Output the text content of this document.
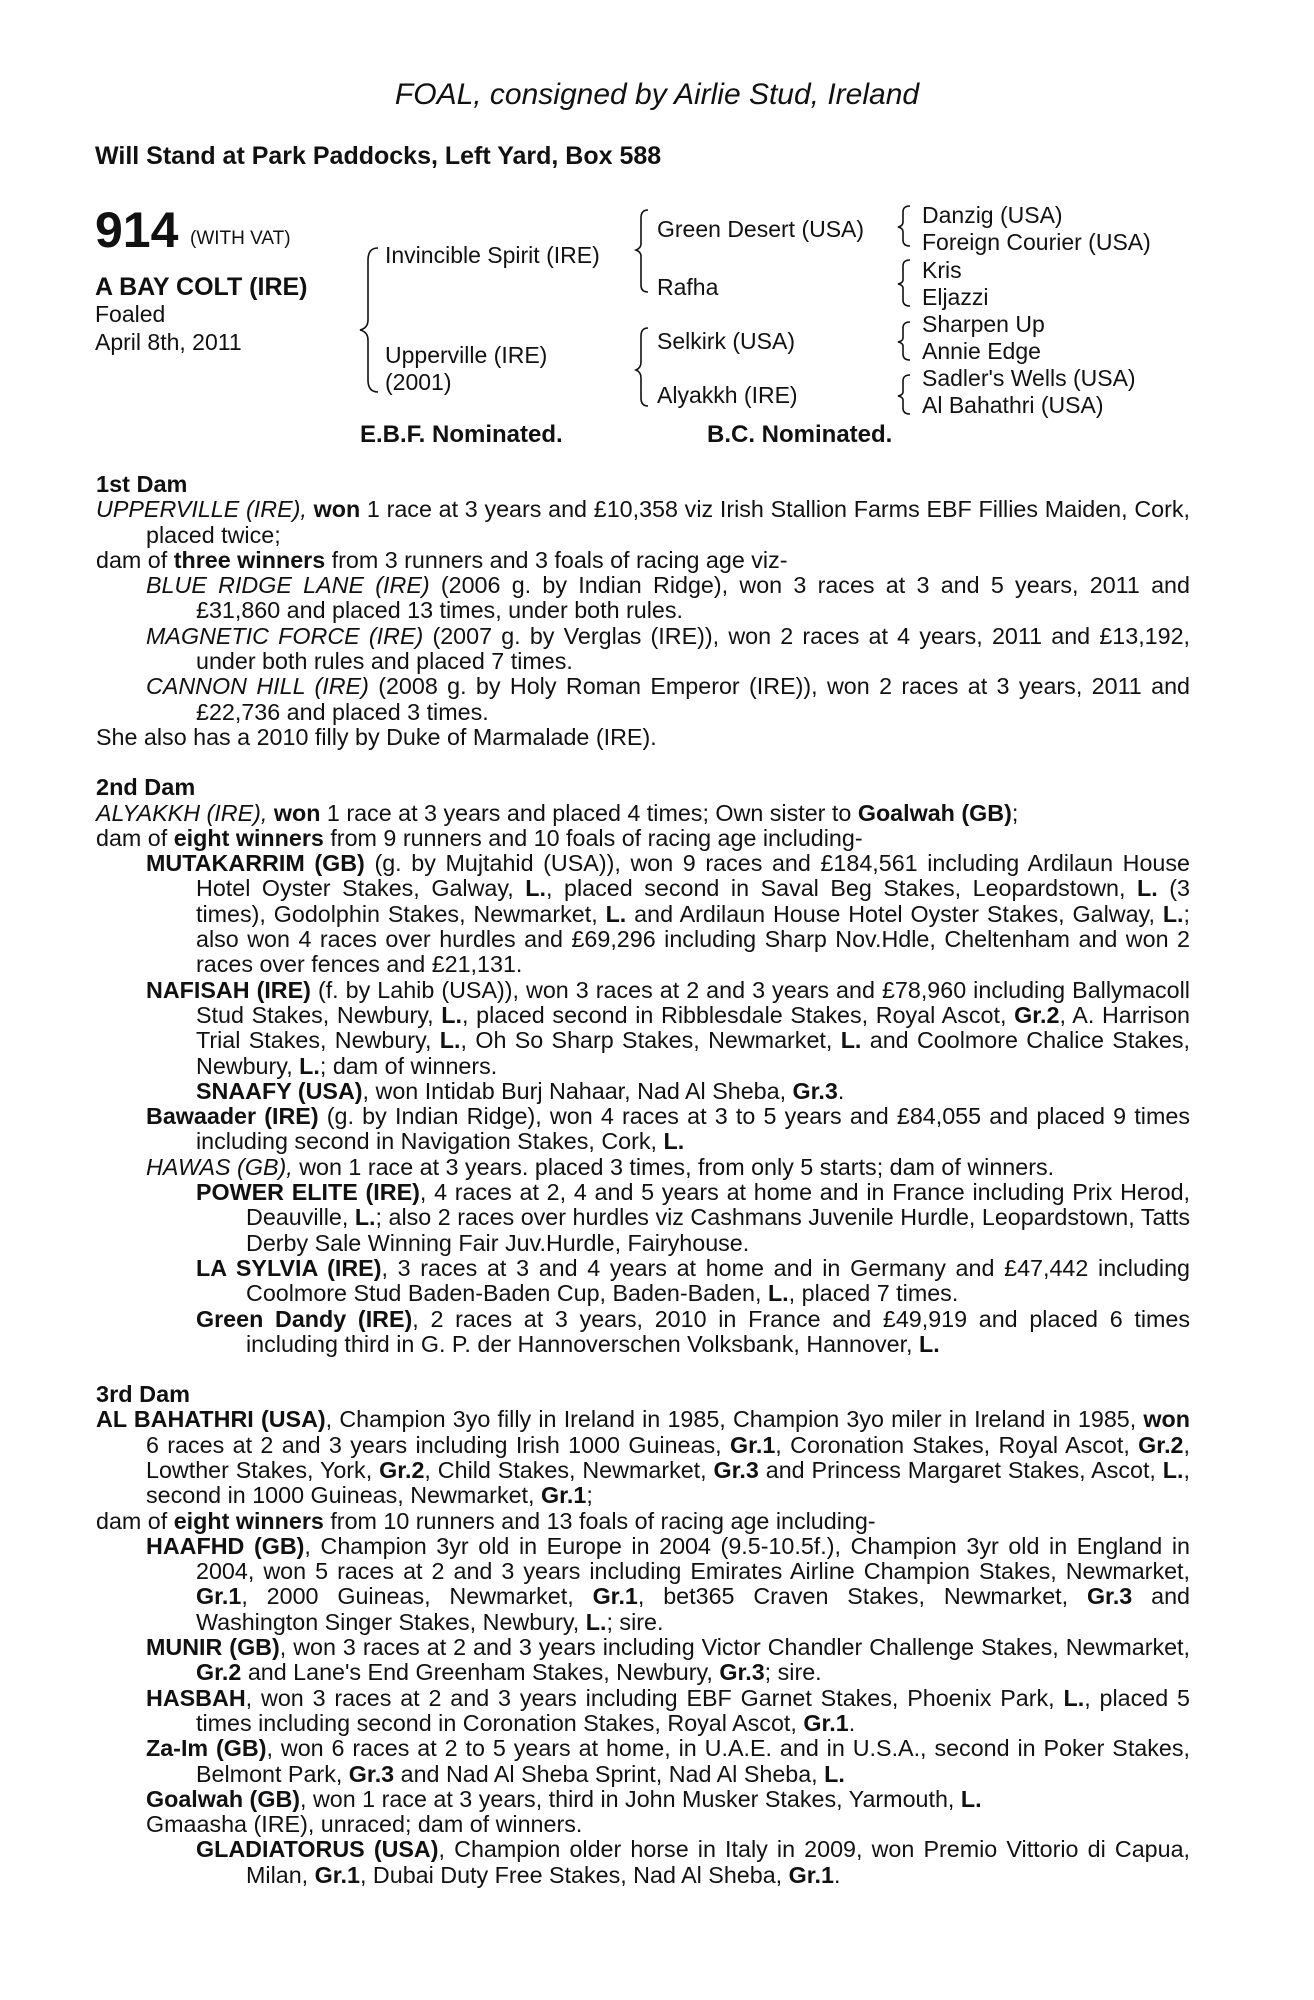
FOAL, consigned by Airlie Stud, Ireland
Will Stand at Park Paddocks, Left Yard, Box 588
914 (WITH VAT)
A BAY COLT (IRE)
Foaled
April 8th, 2011
Invincible Spirit (IRE)
Upperville (IRE)
(2001)
Green Desert (USA)
Rafha
Selkirk (USA)
Alyakkh (IRE)
Danzig (USA)
Foreign Courier (USA)
Kris
Eljazzi
Sharpen Up
Annie Edge
Sadler's Wells (USA)
Al Bahathri (USA)
E.B.F. Nominated.	B.C. Nominated.

1st Dam

UPPERVILLE (IRE), won 1 race at 3 years and £10,358 viz Irish Stallion Farms EBF Fillies Maiden, Cork, placed twice;

dam of three winners from 3 runners and 3 foals of racing age viz-

BLUE RIDGE LANE (IRE) (2006 g. by Indian Ridge), won 3 races at 3 and 5 years, 2011 and £31,860 and placed 13 times, under both rules.

MAGNETIC FORCE (IRE) (2007 g. by Verglas (IRE)), won 2 races at 4 years, 2011 and £13,192, under both rules and placed 7 times.

CANNON HILL (IRE) (2008 g. by Holy Roman Emperor (IRE)), won 2 races at 3 years, 2011 and £22,736 and placed 3 times.

She also has a 2010 filly by Duke of Marmalade (IRE).

2nd Dam

ALYAKKH (IRE), won 1 race at 3 years and placed 4 times; Own sister to Goalwah (GB);

dam of eight winners from 9 runners and 10 foals of racing age including-

MUTAKARRIM (GB) (g. by Mujtahid (USA)), won 9 races and £184,561 including Ardilaun House Hotel Oyster Stakes, Galway, L., placed second in Saval Beg Stakes, Leopardstown, L. (3 times), Godolphin Stakes, Newmarket, L. and Ardilaun House Hotel Oyster Stakes, Galway, L.; also won 4 races over hurdles and £69,296 including Sharp Nov.Hdle, Cheltenham and won 2 races over fences and £21,131.

NAFISAH (IRE) (f. by Lahib (USA)), won 3 races at 2 and 3 years and £78,960 including Ballymacoll Stud Stakes, Newbury, L., placed second in Ribblesdale Stakes, Royal Ascot, Gr.2, A. Harrison Trial Stakes, Newbury, L., Oh So Sharp Stakes, Newmarket, L. and Coolmore Chalice Stakes, Newbury, L.; dam of winners.

SNAAFY (USA), won Intidab Burj Nahaar, Nad Al Sheba, Gr.3.

Bawaader (IRE) (g. by Indian Ridge), won 4 races at 3 to 5 years and £84,055 and placed 9 times including second in Navigation Stakes, Cork, L.

HAWAS (GB), won 1 race at 3 years. placed 3 times, from only 5 starts; dam of winners.

POWER ELITE (IRE), 4 races at 2, 4 and 5 years at home and in France including Prix Herod, Deauville, L.; also 2 races over hurdles viz Cashmans Juvenile Hurdle, Leopardstown, Tatts Derby Sale Winning Fair Juv.Hurdle, Fairyhouse.

LA SYLVIA (IRE), 3 races at 3 and 4 years at home and in Germany and £47,442 including Coolmore Stud Baden-Baden Cup, Baden-Baden, L., placed 7 times.

Green Dandy (IRE), 2 races at 3 years, 2010 in France and £49,919 and placed 6 times including third in G. P. der Hannoverschen Volksbank, Hannover, L.

3rd Dam

AL BAHATHRI (USA), Champion 3yo filly in Ireland in 1985, Champion 3yo miler in Ireland in 1985, won 6 races at 2 and 3 years including Irish 1000 Guineas, Gr.1, Coronation Stakes, Royal Ascot, Gr.2, Lowther Stakes, York, Gr.2, Child Stakes, Newmarket, Gr.3 and Princess Margaret Stakes, Ascot, L., second in 1000 Guineas, Newmarket, Gr.1;

dam of eight winners from 10 runners and 13 foals of racing age including-

HAAFHD (GB), Champion 3yr old in Europe in 2004 (9.5-10.5f.), Champion 3yr old in England in 2004, won 5 races at 2 and 3 years including Emirates Airline Champion Stakes, Newmarket, Gr.1, 2000 Guineas, Newmarket, Gr.1, bet365 Craven Stakes, Newmarket, Gr.3 and Washington Singer Stakes, Newbury, L.; sire.

MUNIR (GB), won 3 races at 2 and 3 years including Victor Chandler Challenge Stakes, Newmarket, Gr.2 and Lane's End Greenham Stakes, Newbury, Gr.3; sire.

HASBAH, won 3 races at 2 and 3 years including EBF Garnet Stakes, Phoenix Park, L., placed 5 times including second in Coronation Stakes, Royal Ascot, Gr.1.

Za-Im (GB), won 6 races at 2 to 5 years at home, in U.A.E. and in U.S.A., second in Poker Stakes, Belmont Park, Gr.3 and Nad Al Sheba Sprint, Nad Al Sheba, L.

Goalwah (GB), won 1 race at 3 years, third in John Musker Stakes, Yarmouth, L.

Gmaasha (IRE), unraced; dam of winners.

GLADIATORUS (USA), Champion older horse in Italy in 2009, won Premio Vittorio di Capua, Milan, Gr.1, Dubai Duty Free Stakes, Nad Al Sheba, Gr.1.
